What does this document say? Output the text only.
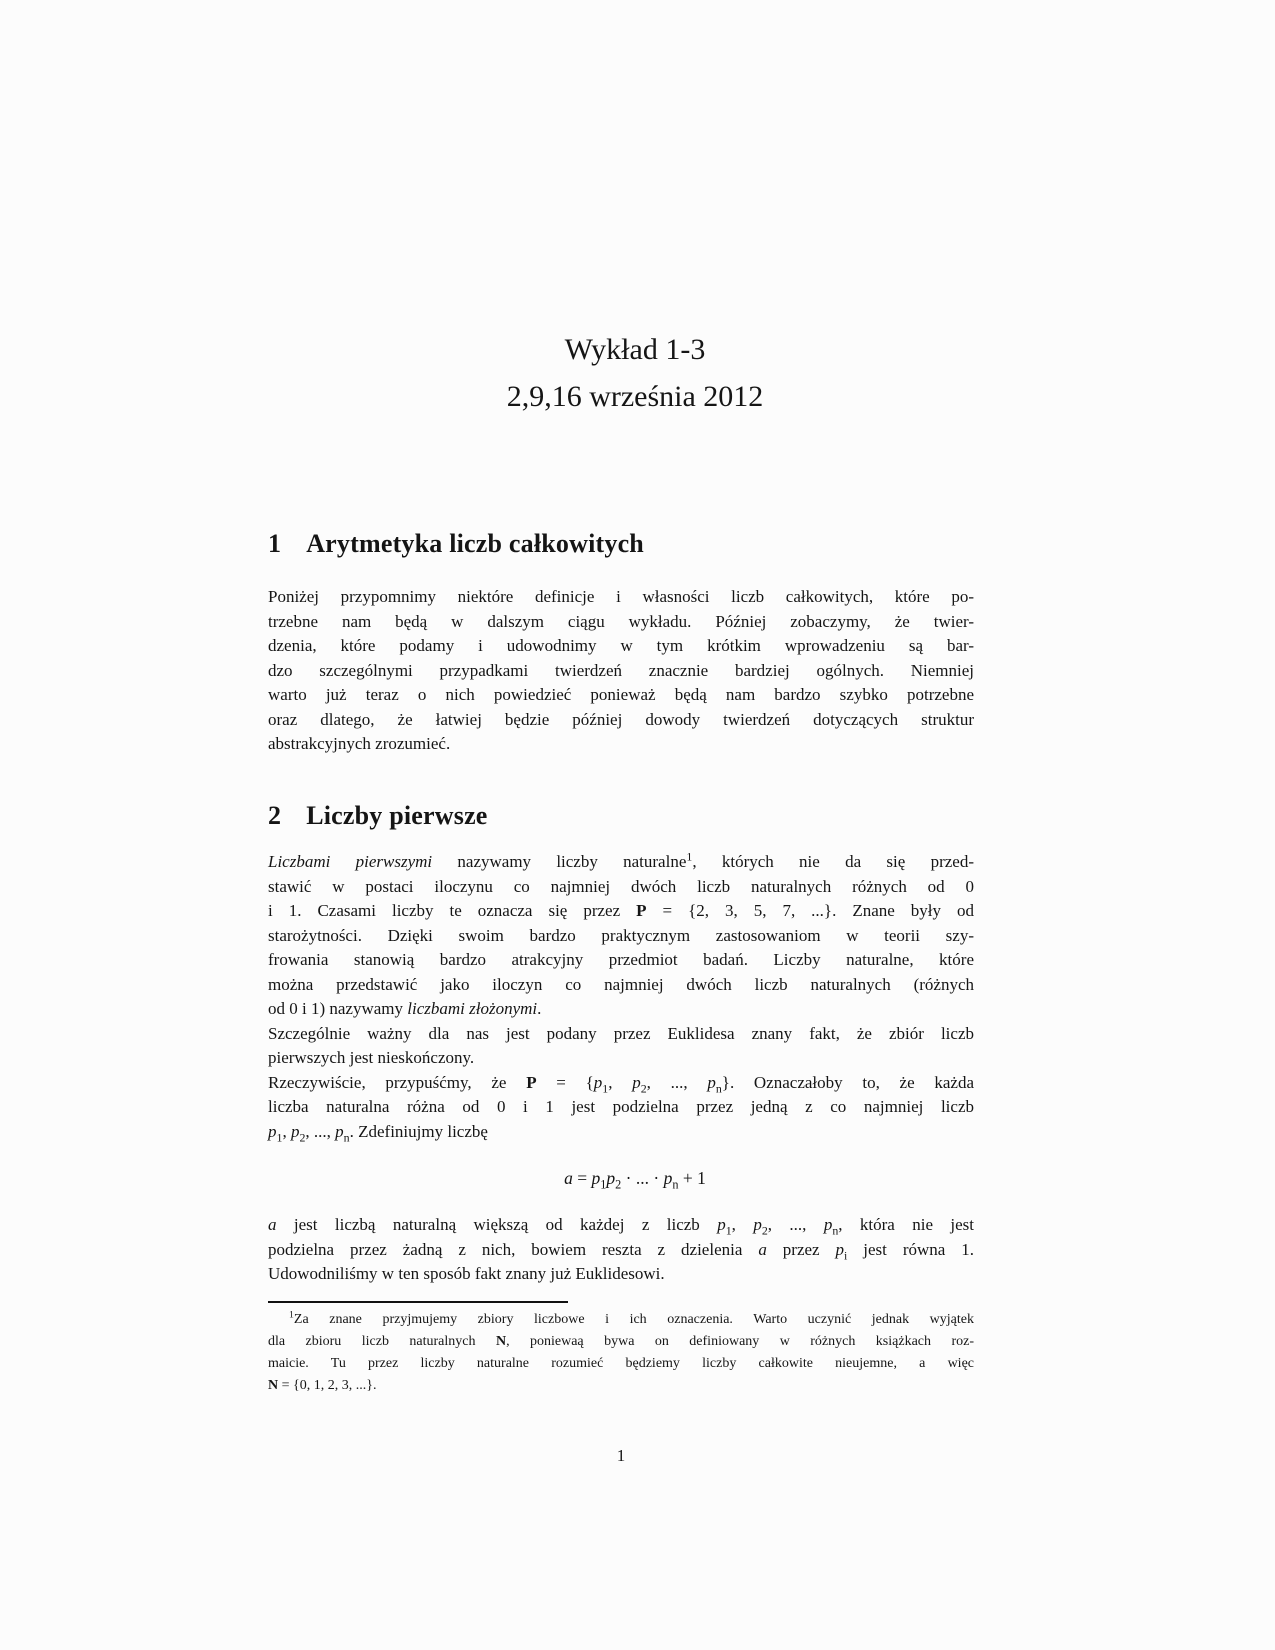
Wykład 1-3
2,9,16 września 2012
1 Arytmetyka liczb całkowitych
Poniżej przypomnimy niektóre definicje i własności liczb całkowitych, które po-
trzebne nam będą w dalszym ciągu wykładu. Później zobaczymy, że twier-
dzenia, które podamy i udowodnimy w tym krótkim wprowadzeniu są bar-
dzo szczególnymi przypadkami twierdzeń znacznie bardziej ogólnych. Niemniej
warto już teraz o nich powiedzieć ponieważ będą nam bardzo szybko potrzebne
oraz dlatego, że łatwiej będzie później dowody twierdzeń dotyczących struktur
abstrakcyjnych zrozumieć.
2 Liczby pierwsze
Liczbami pierwszymi nazywamy liczby naturalne$^1$, których nie da się przed-
stawić w postaci iloczynu co najmniej dwóch liczb naturalnych różnych od 0
i 1. Czasami liczby te oznacza się przez P = {2, 3, 5, 7, ...}. Znane były od
starożytności. Dzięki swoim bardzo praktycznym zastosowaniom w teorii szy-
frowania stanowią bardzo atrakcyjny przedmiot badań. Liczby naturalne, które
można przedstawić jako iloczyn co najmniej dwóch liczb naturalnych (różnych
od 0 i 1) nazywamy liczbami złożonymi.
Szczególnie ważny dla nas jest podany przez Euklidesa znany fakt, że zbiór liczb
pierwszych jest nieskończony.
Rzeczywiście, przypuśćmy, że $P = \{p_1$, $p_2$, ..., $p_n$}. Oznaczałoby to, że każda
liczba naturalna różna od 0 i 1 jest podzielna przez jedną z co najmniej liczb
$p_1$, $p_2$, ..., $p_n$. Zdefiniujmy liczbę
$a = p_1p_2$ · ... · $p_n + 1$
a jest liczbą naturalną większą od każdej z liczb $p_1$, $p_2$, ..., $p_n$, która nie jest
podzielna przez żadną z nich, bowiem reszta z dzielenia a przez $p_i$ jest równa 1.
Udowodniliśmy w ten sposób fakt znany już Euklidesowi.
$^1$Za znane przyjmujemy zbiory liczbowe i ich oznaczenia. Warto uczynić jednak wyjątek
dla zbioru liczb naturalnych N, poniewaą bywa on definiowany w różnych książkach roz-
maicie. Tu przez liczby naturalne rozumieć będziemy liczby całkowite nieujemne, a więc
N = {0, 1, 2, 3, ...}.
1
